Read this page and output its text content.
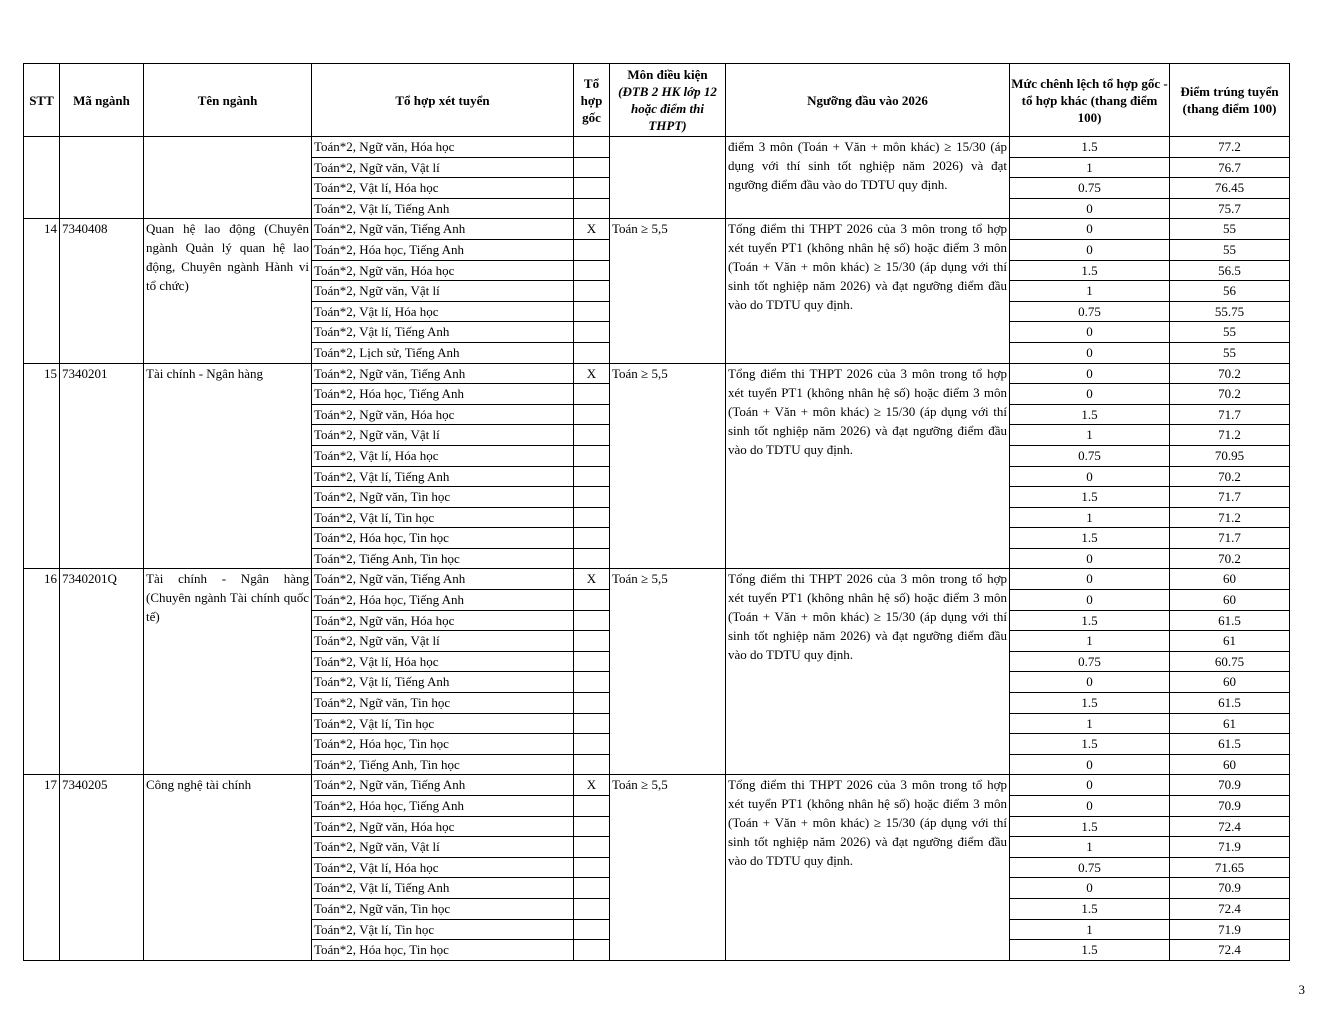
STT	Mã ngành	Tên ngành	Tổ hợp xét tuyển	Tổ hợp gốc	Môn điều kiện
(ĐTB 2 HK lớp 12 hoặc điểm thi THPT)	Ngưỡng đầu vào 2026	Mức chênh lệch tổ hợp gốc - tổ hợp khác (thang điểm 100)	Điểm trúng tuyển (thang điểm 100)
			Toán*2, Ngữ văn, Hóa học			điểm 3 môn (Toán + Văn + môn khác) ≥ 15/30 (áp dụng với thí sinh tốt nghiệp năm 2026) và đạt ngưỡng điểm đầu vào do TDTU quy định.	1.5	77.2
			Toán*2, Ngữ văn, Vật lí				1	76.7
			Toán*2, Vật lí, Hóa học				0.75	76.45
			Toán*2, Vật lí, Tiếng Anh				0	75.7
14	7340408	Quan hệ lao động (Chuyên ngành Quản lý quan hệ lao động, Chuyên ngành Hành vi tổ chức)	Toán*2, Ngữ văn, Tiếng Anh	X	Toán ≥ 5,5	Tổng điểm thi THPT 2026 của 3 môn trong tổ hợp xét tuyển PT1 (không nhân hệ số) hoặc điểm 3 môn (Toán + Văn + môn khác) ≥ 15/30 (áp dụng với thí sinh tốt nghiệp năm 2026) và đạt ngưỡng điểm đầu vào do TDTU quy định.	0	55
			Toán*2, Hóa học, Tiếng Anh				0	55
			Toán*2, Ngữ văn, Hóa học				1.5	56.5
			Toán*2, Ngữ văn, Vật lí				1	56
			Toán*2, Vật lí, Hóa học				0.75	55.75
			Toán*2, Vật lí, Tiếng Anh				0	55
			Toán*2, Lịch sử, Tiếng Anh				0	55
15	7340201	Tài chính - Ngân hàng	Toán*2, Ngữ văn, Tiếng Anh	X	Toán ≥ 5,5	Tổng điểm thi THPT 2026 của 3 môn trong tổ hợp xét tuyển PT1 (không nhân hệ số) hoặc điểm 3 môn (Toán + Văn + môn khác) ≥ 15/30 (áp dụng với thí sinh tốt nghiệp năm 2026) và đạt ngưỡng điểm đầu vào do TDTU quy định.	0	70.2
			Toán*2, Hóa học, Tiếng Anh				0	70.2
			Toán*2, Ngữ văn, Hóa học				1.5	71.7
			Toán*2, Ngữ văn, Vật lí				1	71.2
			Toán*2, Vật lí, Hóa học				0.75	70.95
			Toán*2, Vật lí, Tiếng Anh				0	70.2
			Toán*2, Ngữ văn, Tin học				1.5	71.7
			Toán*2, Vật lí, Tin học				1	71.2
			Toán*2, Hóa học, Tin học				1.5	71.7
			Toán*2, Tiếng Anh, Tin học				0	70.2
16	7340201Q	Tài chính - Ngân hàng (Chuyên ngành Tài chính quốc tế)	Toán*2, Ngữ văn, Tiếng Anh	X	Toán ≥ 5,5	Tổng điểm thi THPT 2026 của 3 môn trong tổ hợp xét tuyển PT1 (không nhân hệ số) hoặc điểm 3 môn (Toán + Văn + môn khác) ≥ 15/30 (áp dụng với thí sinh tốt nghiệp năm 2026) và đạt ngưỡng điểm đầu vào do TDTU quy định.	0	60
			Toán*2, Hóa học, Tiếng Anh				0	60
			Toán*2, Ngữ văn, Hóa học				1.5	61.5
			Toán*2, Ngữ văn, Vật lí				1	61
			Toán*2, Vật lí, Hóa học				0.75	60.75
			Toán*2, Vật lí, Tiếng Anh				0	60
			Toán*2, Ngữ văn, Tin học				1.5	61.5
			Toán*2, Vật lí, Tin học				1	61
			Toán*2, Hóa học, Tin học				1.5	61.5
			Toán*2, Tiếng Anh, Tin học				0	60
17	7340205	Công nghệ tài chính	Toán*2, Ngữ văn, Tiếng Anh	X	Toán ≥ 5,5	Tổng điểm thi THPT 2026 của 3 môn trong tổ hợp xét tuyển PT1 (không nhân hệ số) hoặc điểm 3 môn (Toán + Văn + môn khác) ≥ 15/30 (áp dụng với thí sinh tốt nghiệp năm 2026) và đạt ngưỡng điểm đầu vào do TDTU quy định.	0	70.9
			Toán*2, Hóa học, Tiếng Anh				0	70.9
			Toán*2, Ngữ văn, Hóa học				1.5	72.4
			Toán*2, Ngữ văn, Vật lí				1	71.9
			Toán*2, Vật lí, Hóa học				0.75	71.65
			Toán*2, Vật lí, Tiếng Anh				0	70.9
			Toán*2, Ngữ văn, Tin học				1.5	72.4
			Toán*2, Vật lí, Tin học				1	71.9
			Toán*2, Hóa học, Tin học				1.5	72.4
3
